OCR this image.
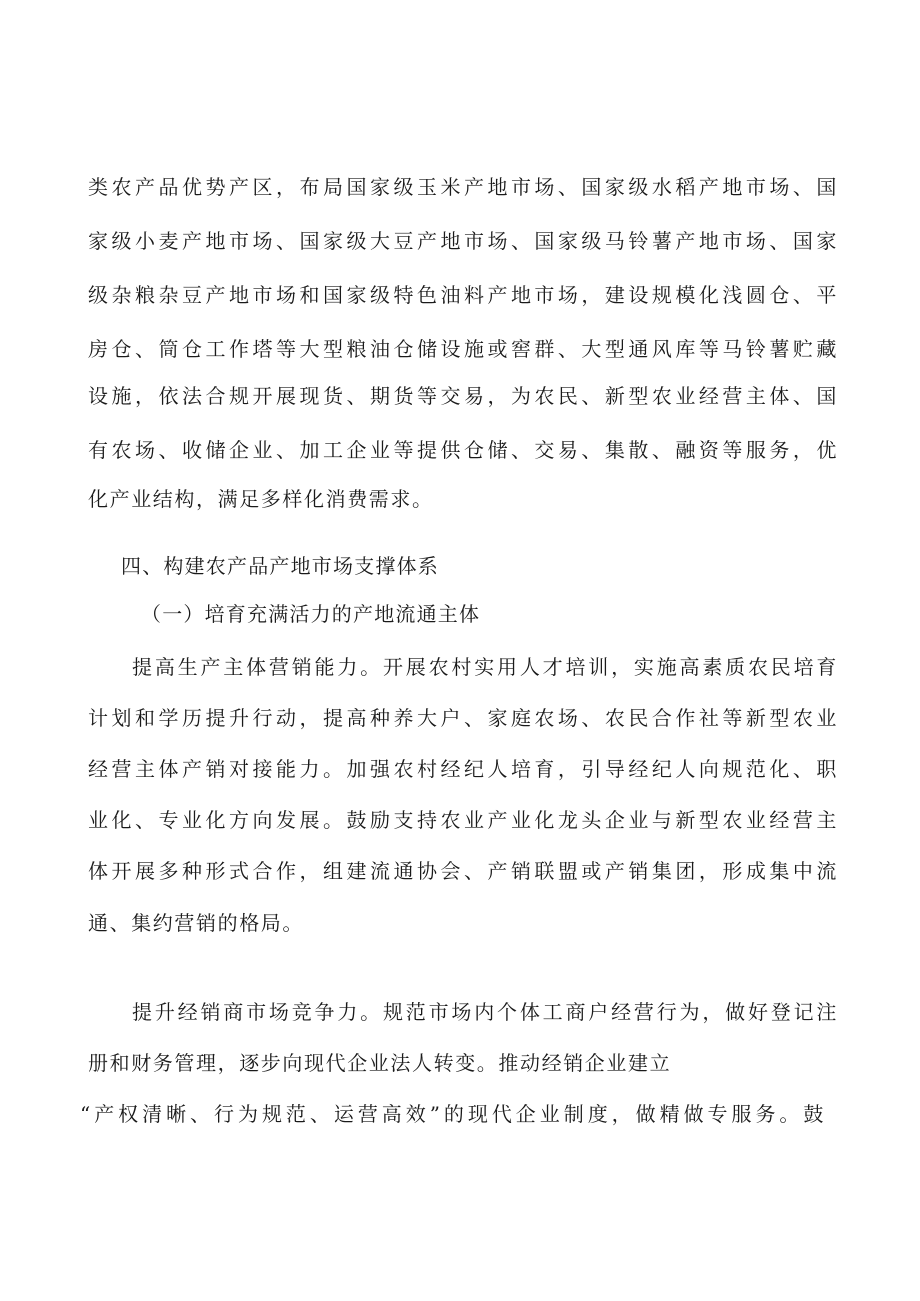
类农产品优势产区，布局国家级玉米产地市场、国家级水稻产地市场、国
家级小麦产地市场、国家级大豆产地市场、国家级马铃薯产地市场、国家
级杂粮杂豆产地市场和国家级特色油料产地市场，建设规模化浅圆仓、平
房仓、筒仓工作塔等大型粮油仓储设施或窖群、大型通风库等马铃薯贮藏
设施，依法合规开展现货、期货等交易，为农民、新型农业经营主体、国
有农场、收储企业、加工企业等提供仓储、交易、集散、融资等服务，优
化产业结构，满足多样化消费需求。
四、构建农产品产地市场支撑体系
（一）培育充满活力的产地流通主体
提高生产主体营销能力。开展农村实用人才培训，实施高素质农民培育
计划和学历提升行动，提高种养大户、家庭农场、农民合作社等新型农业
经营主体产销对接能力。加强农村经纪人培育，引导经纪人向规范化、职
业化、专业化方向发展。鼓励支持农业产业化龙头企业与新型农业经营主
体开展多种形式合作，组建流通协会、产销联盟或产销集团，形成集中流
通、集约营销的格局。
提升经销商市场竞争力。规范市场内个体工商户经营行为，做好登记注
册和财务管理，逐步向现代企业法人转变。推动经销企业建立
“产权清晰、行为规范、运营高效”的现代企业制度，做精做专服务。鼓
